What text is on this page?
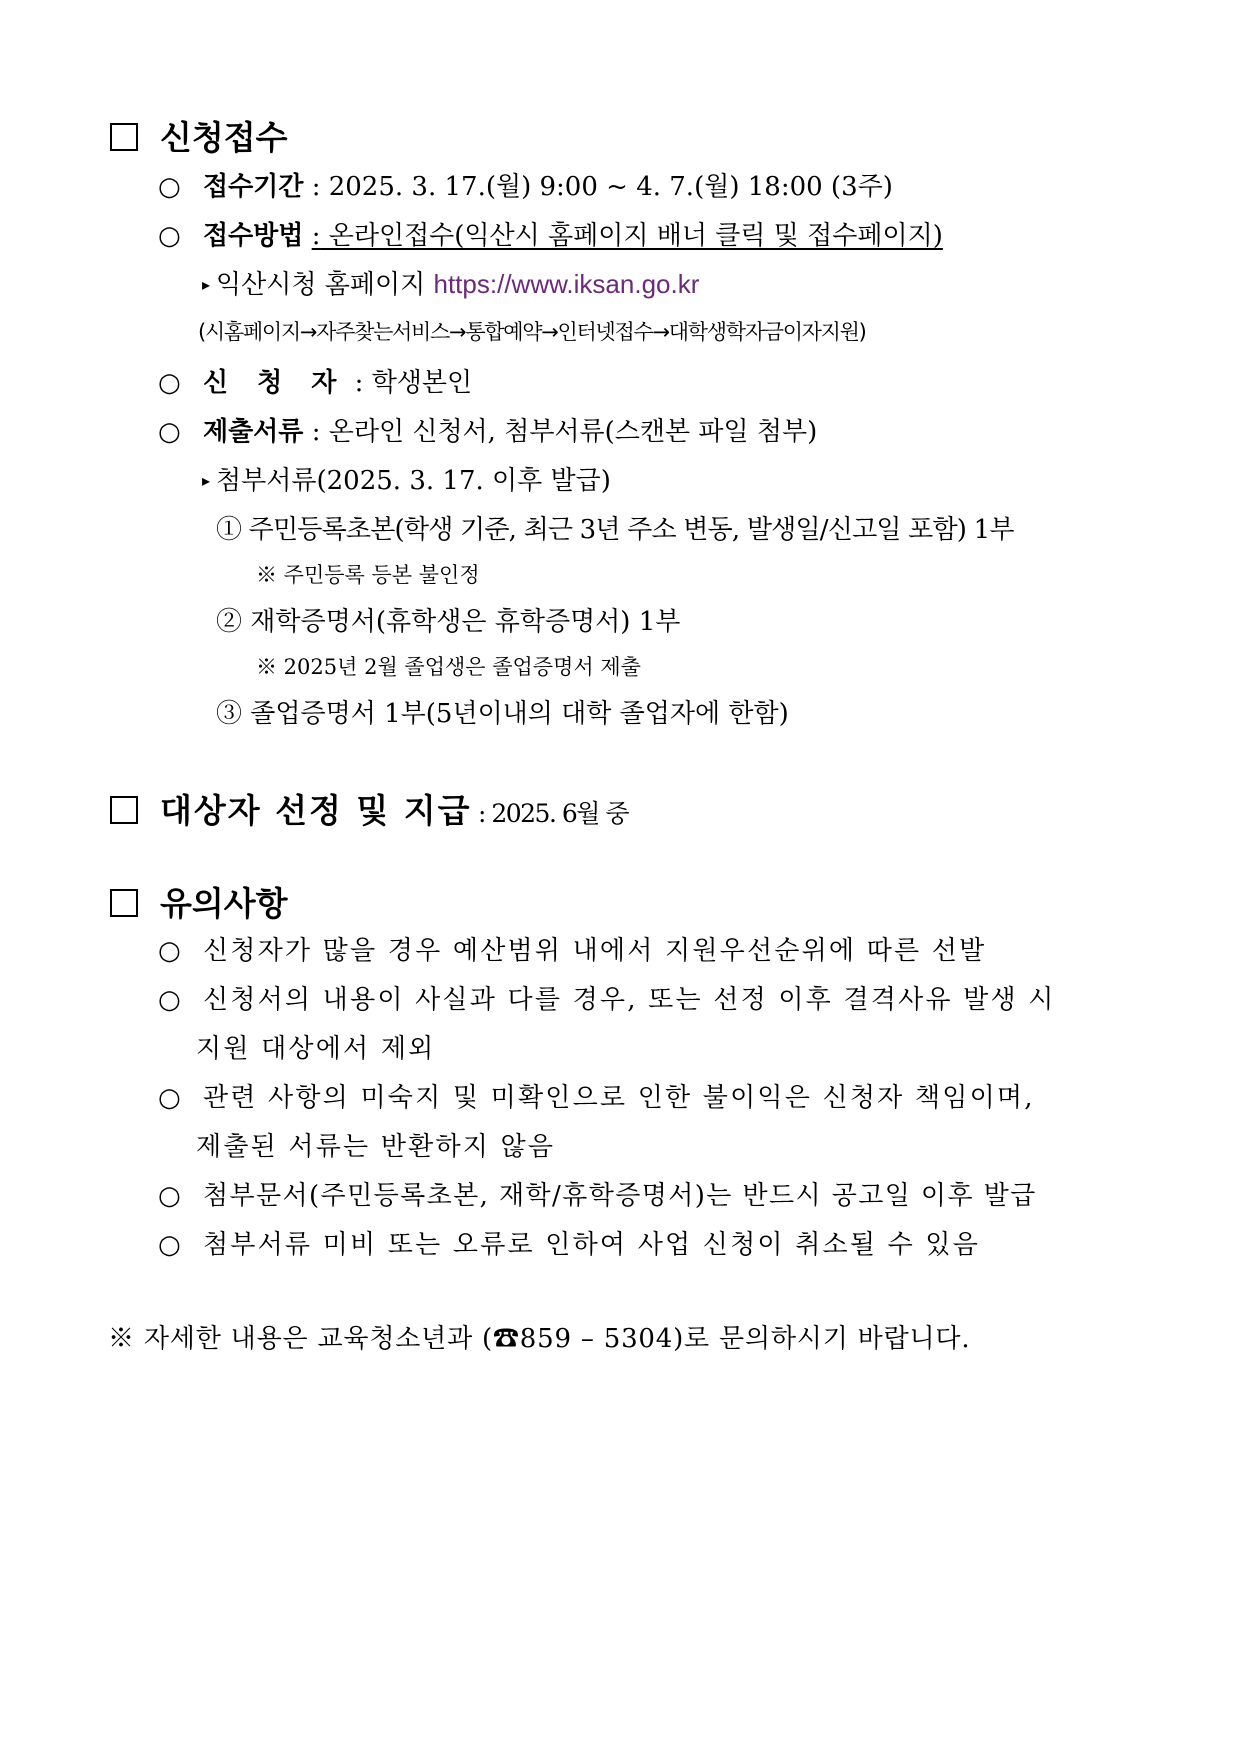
신청접수
○ 접수기간 : 2025. 3. 17.(월) 9:00 ~ 4. 7.(월) 18:00 (3주)
○ 접수방법 : 온라인접수(익산시 홈페이지 배너 클릭 및 접수페이지)
▸ 익산시청 홈페이지 https://www.iksan.go.kr
(시홈페이지→자주찾는서비스→통합예약→인터넷접수→대학생학자금이자지원)
○ 신 청 자 : 학생본인
○ 제출서류 : 온라인 신청서, 첨부서류(스캔본 파일 첨부)
▸ 첨부서류(2025. 3. 17. 이후 발급)
① 주민등록초본(학생 기준, 최근 3년 주소 변동, 발생일/신고일 포함) 1부
※ 주민등록 등본 불인정
② 재학증명서(휴학생은 휴학증명서) 1부
※ 2025년 2월 졸업생은 졸업증명서 제출
③ 졸업증명서 1부(5년이내의 대학 졸업자에 한함)
대상자 선정 및 지급 : 2025. 6월 중
유의사항
○ 신청자가 많을 경우 예산범위 내에서 지원우선순위에 따른 선발
○ 신청서의 내용이 사실과 다를 경우, 또는 선정 이후 결격사유 발생 시
지원 대상에서 제외
○ 관련 사항의 미숙지 및 미확인으로 인한 불이익은 신청자 책임이며,
제출된 서류는 반환하지 않음
○ 첨부문서(주민등록초본, 재학/휴학증명서)는 반드시 공고일 이후 발급
○ 첨부서류 미비 또는 오류로 인하여 사업 신청이 취소될 수 있음
※ 자세한 내용은 교육청소년과 (☎859 – 5304)로 문의하시기 바랍니다.
